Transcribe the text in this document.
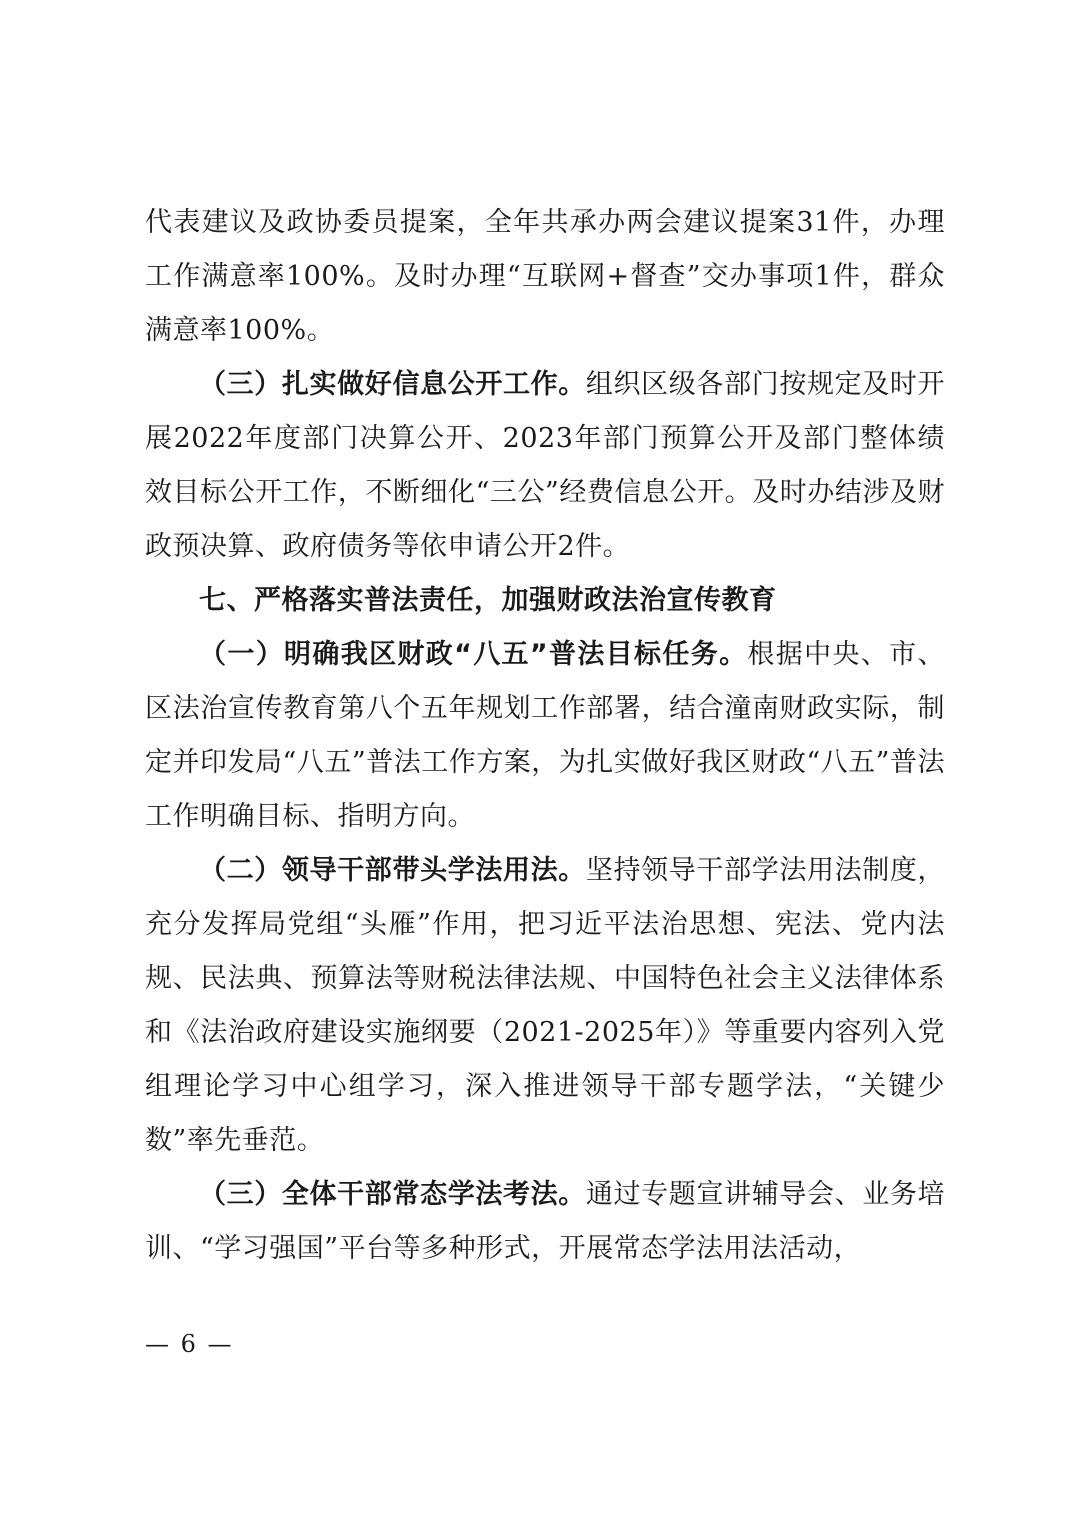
代表建议及政协委员提案，全年共承办两会建议提案31件，办理工作满意率100%。及时办理“互联网+督查”交办事项1件，群众满意率100%。

（三）扎实做好信息公开工作。组织区级各部门按规定及时开展2022年度部门决算公开、2023年部门预算公开及部门整体绩效目标公开工作，不断细化“三公”经费信息公开。及时办结涉及财政预决算、政府债务等依申请公开2件。

七、严格落实普法责任，加强财政法治宣传教育

（一）明确我区财政“八五”普法目标任务。根据中央、市、区法治宣传教育第八个五年规划工作部署，结合潼南财政实际，制定并印发局“八五”普法工作方案，为扎实做好我区财政“八五”普法工作明确目标、指明方向。

（二）领导干部带头学法用法。坚持领导干部学法用法制度，充分发挥局党组“头雁”作用，把习近平法治思想、宪法、党内法规、民法典、预算法等财税法律法规、中国特色社会主义法律体系和《法治政府建设实施纲要（2021-2025年）》等重要内容列入党组理论学习中心组学习，深入推进领导干部专题学法，“关键少数”率先垂范。

（三）全体干部常态学法考法。通过专题宣讲辅导会、业务培训、“学习强国”平台等多种形式，开展常态学法用法活动，

— 6 —
